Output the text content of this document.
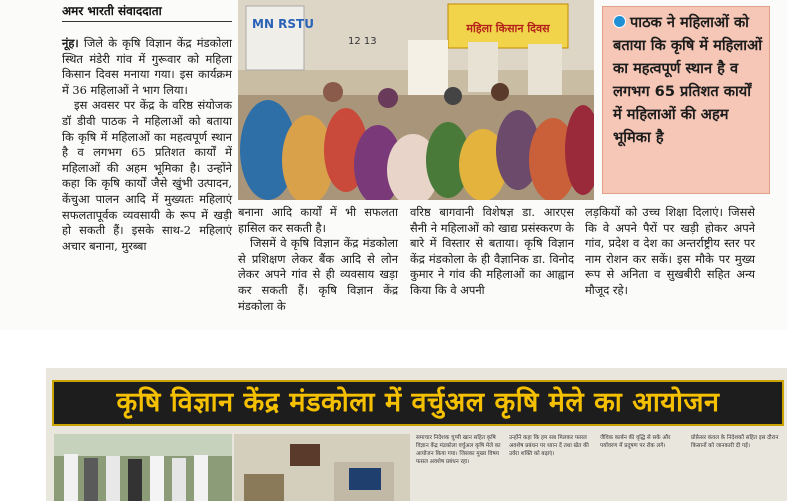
अमर भारती संवाददाता

नूंह। जिले के कृषि विज्ञान केंद्र मंडकोला स्थित मंडेरी गांव में गुरूवार को महिला किसान दिवस मनाया गया। इस कार्यक्रम में 36 महिलाओं ने भाग लिया।

इस अवसर पर केंद्र के वरिष्ठ संयोजक डॉ डीवी पाठक ने महिलाओं को बताया कि कृषि में महिलाओं का महत्वपूर्ण स्थान है व लगभग 65 प्रतिशत कार्यों में महिलाओं की अहम भूमिका है। उन्होंने कहा कि कृषि कार्यों जैसे खुंभी उत्पादन, केंचुआ पालन आदि में मुख्यतः महिलाएं सफलतापूर्वक व्यवसायी के रूप में खड़ी हो सकती हैं। इसके साथ-2 महिलाएं अचार बनाना, मुरब्बा

MN RSTU	महिला किसान दिवस
12 13
पाठक ने महिलाओं को बताया कि कृषि में महिलाओं का महत्वपूर्ण स्थान है व लगभग 65 प्रतिशत कार्यों में महिलाओं की अहम भूमिका है

बनाना आदि कार्यों में भी सफलता हासिल कर सकती है।

जिसमें वे कृषि विज्ञान केंद्र मंडकोला से प्रशिक्षण लेकर बैंक आदि से लोन लेकर अपने गांव से ही व्यवसाय खड़ा कर सकती हैं। कृषि विज्ञान केंद्र मंडकोला के

वरिष्ठ बागवानी विशेषज्ञ डा. आरएस सैनी ने महिलाओं को खाद्य प्रसंस्करण के बारे में विस्तार से बताया। कृषि विज्ञान केंद्र मंडकोला के ही वैज्ञानिक डा. विनोद कुमार ने गांव की महिलाओं का आह्वान किया कि वे अपनी

लड़कियों को उच्च शिक्षा दिलाएं। जिससे कि वे अपने पैरों पर खड़ी होकर अपने गांव, प्रदेश व देश का अन्तर्राष्ट्रीय स्तर पर नाम रोशन कर सकें। इस मौके पर मुख्य रूप से अनिता व सुखबीरी सहित अन्य मौजूद रहे।

कृषि विज्ञान केंद्र मंडकोला में वर्चुअल कृषि मेले का आयोजन
समाचार निदेशक चुप्पी खान सहित कृषि विज्ञान केंद्र मंडकोला वर्चुअल कृषि मेले का आयोजन किया गया। जिसका मुख्य विषय फसल अवशेष प्रबंधन रहा।
उन्होंने कहा कि हम सब मिलकर फसल अवशेष प्रबंधन पर ध्यान दें तथा खेत की उर्वरा शक्ति को बढ़ाएं।
जैविक कार्बन की वृद्धि से सके और पर्यावरण में प्रदूषण पर रोक लगे।
प्रोफ़ेसर कंवल के निदेशकों सहित इस दौरान किसानों को जानकारी दी गई।
